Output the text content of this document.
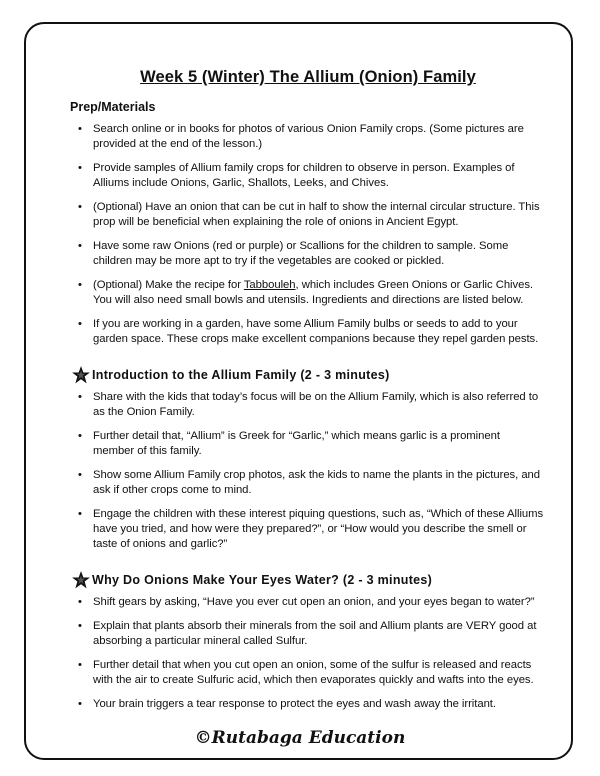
Week 5 (Winter) The Allium (Onion) Family
Prep/Materials
• Search online or in books for photos of various Onion Family crops. (Some pictures are provided at the end of the lesson.)
• Provide samples of Allium family crops for children to observe in person. Examples of Alliums include Onions, Garlic, Shallots, Leeks, and Chives.
• (Optional) Have an onion that can be cut in half to show the internal circular structure. This prop will be beneficial when explaining the role of onions in Ancient Egypt.
• Have some raw Onions (red or purple) or Scallions for the children to sample. Some children may be more apt to try if the vegetables are cooked or pickled.
• (Optional) Make the recipe for Tabbouleh, which includes Green Onions or Garlic Chives. You will also need small bowls and utensils. Ingredients and directions are listed below.
• If you are working in a garden, have some Allium Family bulbs or seeds to add to your garden space. These crops make excellent companions because they repel garden pests.
Introduction to the Allium Family (2 - 3 minutes)
• Share with the kids that today’s focus will be on the Allium Family, which is also referred to as the Onion Family.
• Further detail that, “Allium” is Greek for “Garlic,” which means garlic is a prominent member of this family.
• Show some Allium Family crop photos, ask the kids to name the plants in the pictures, and ask if other crops come to mind.
• Engage the children with these interest piquing questions, such as, “Which of these Alliums have you tried, and how were they prepared?”, or “How would you describe the smell or taste of onions and garlic?”
Why Do Onions Make Your Eyes Water? (2 - 3 minutes)
• Shift gears by asking, “Have you ever cut open an onion, and your eyes began to water?”
• Explain that plants absorb their minerals from the soil and Allium plants are VERY good at absorbing a particular mineral called Sulfur.
• Further detail that when you cut open an onion, some of the sulfur is released and reacts with the air to create Sulfuric acid, which then evaporates quickly and wafts into the eyes.
• Your brain triggers a tear response to protect the eyes and wash away the irritant.
©Rutabaga Education
